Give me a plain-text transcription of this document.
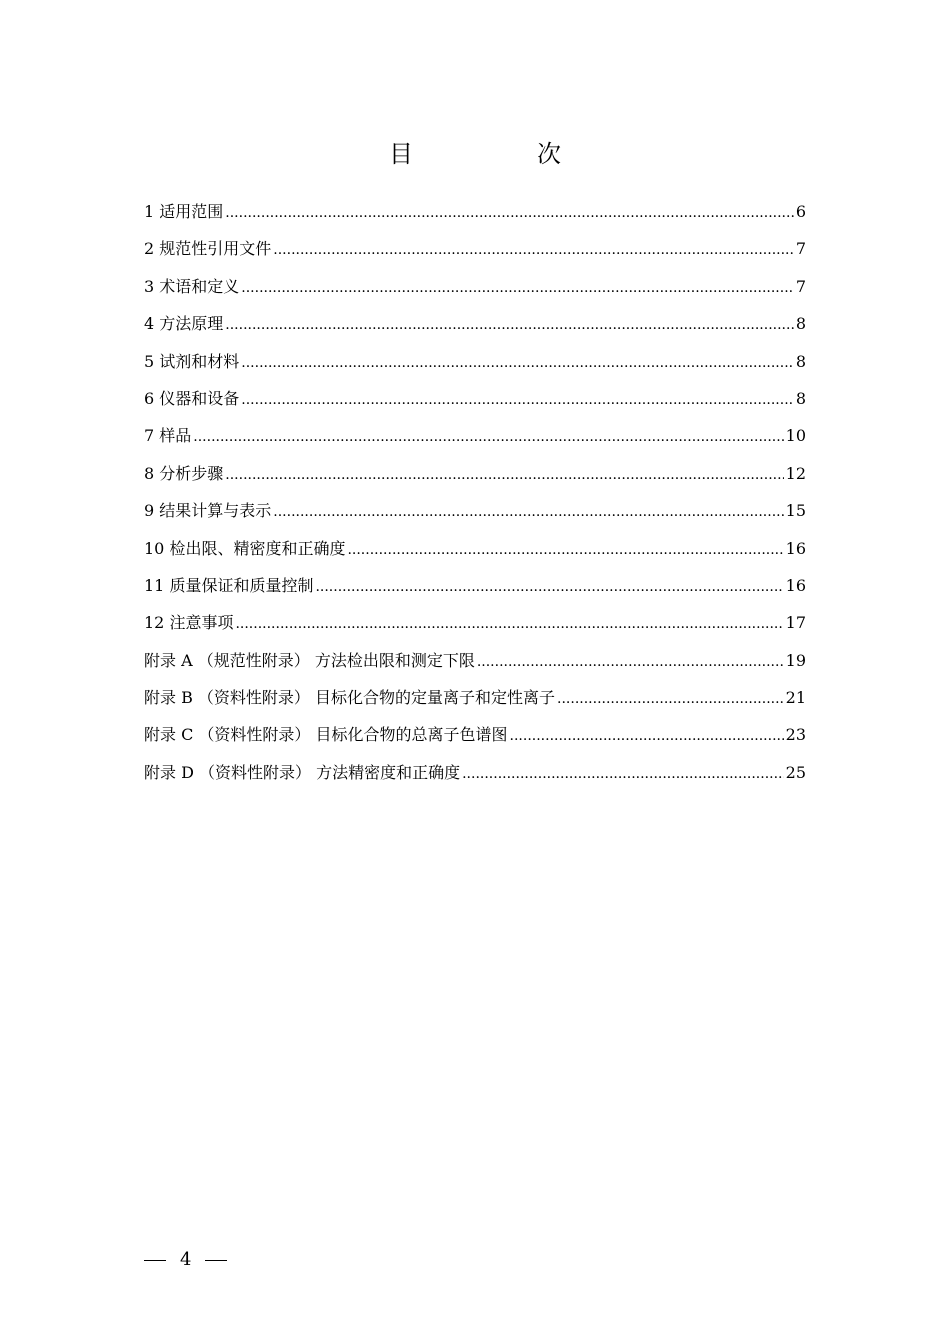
目　次
1 适用范围 .....	6
2 规范性引用文件 .....	7
3 术语和定义 .....	7
4 方法原理 .....	8
5 试剂和材料 .....	8
6 仪器和设备 .....	8
7 样品 .....	10
8 分析步骤 .....	12
9 结果计算与表示 .....	15
10 检出限、精密度和正确度 .....	16
11 质量保证和质量控制 .....	16
12 注意事项 .....	17
附录 A （规范性附录） 方法检出限和测定下限 .....	19
附录 B （资料性附录） 目标化合物的定量离子和定性离子 .....	21
附录 C （资料性附录） 目标化合物的总离子色谱图 .....	23
附录 D （资料性附录） 方法精密度和正确度 .....	25
4
